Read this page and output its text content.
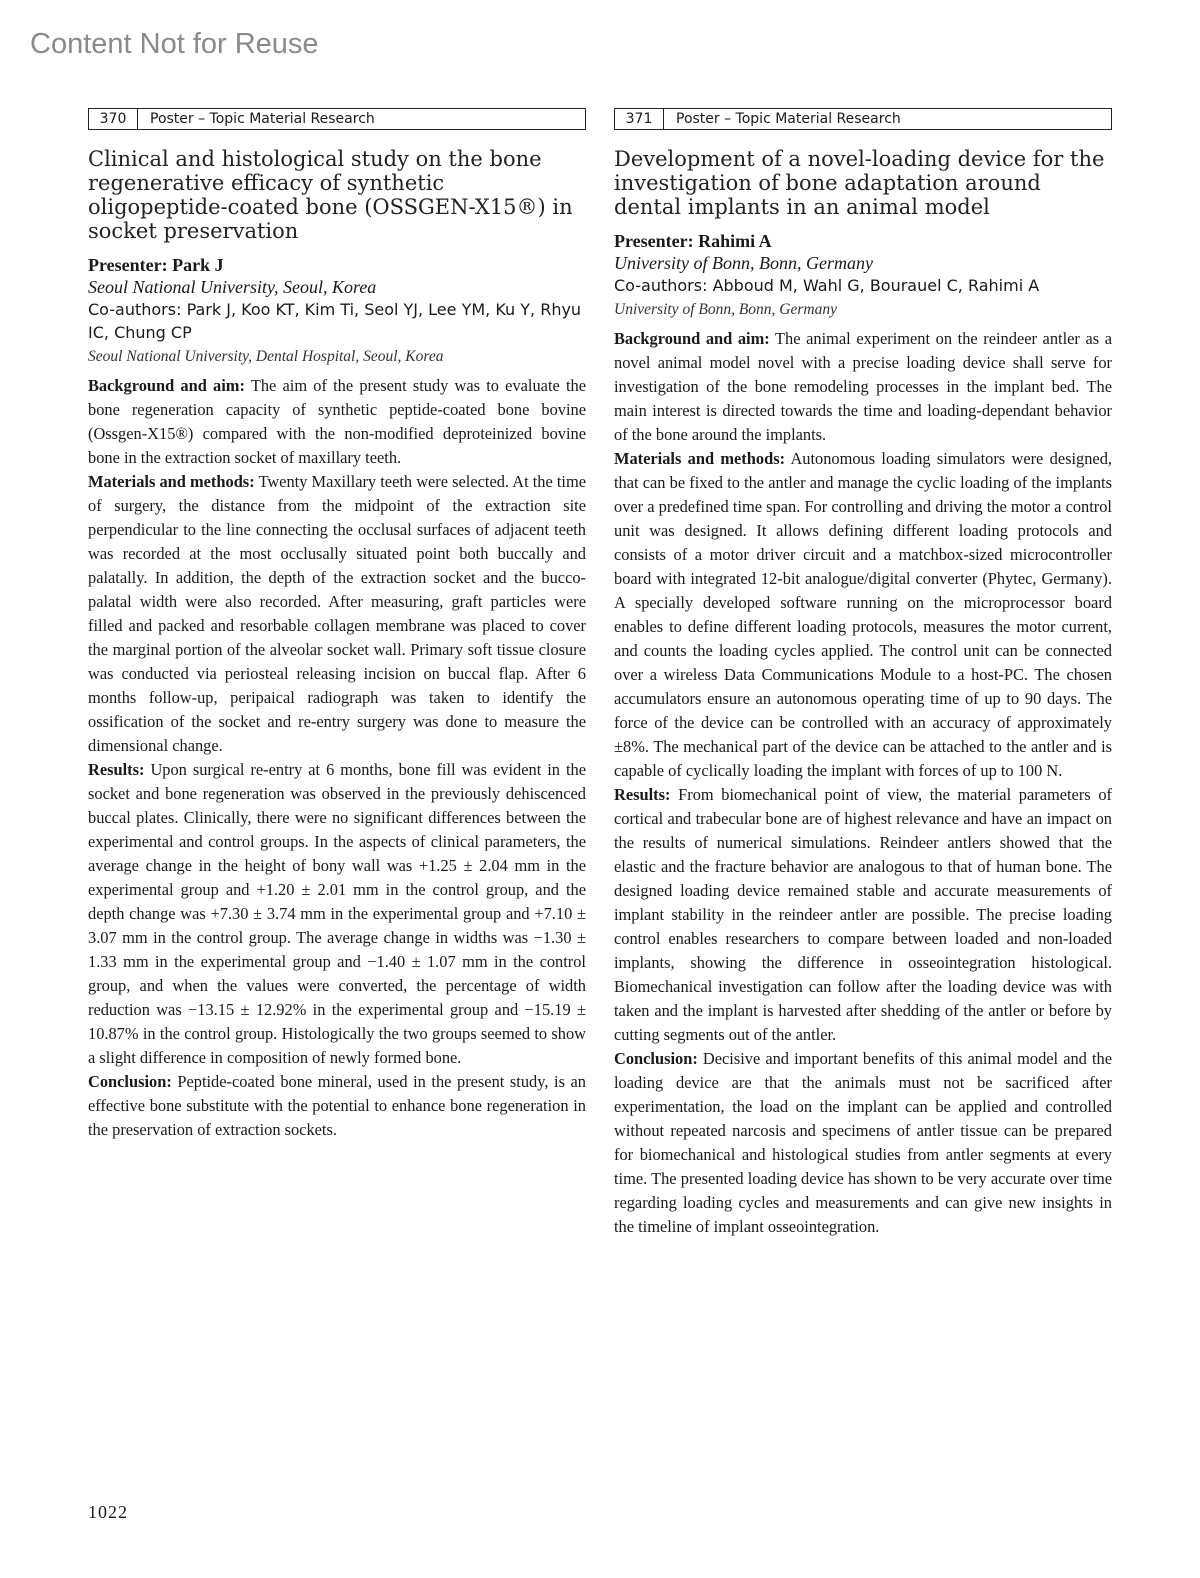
Content Not for Reuse
370	Poster – Topic Material Research
Clinical and histological study on the bone regenerative efficacy of synthetic oligopeptide-coated bone (OSSGEN-X15®) in socket preservation

Presenter: Park J

Seoul National University, Seoul, Korea

Co-authors: Park J, Koo KT, Kim Ti, Seol YJ, Lee YM, Ku Y, Rhyu IC, Chung CP

Seoul National University, Dental Hospital, Seoul, Korea

Background and aim: The aim of the present study was to evaluate the bone regeneration capacity of synthetic peptide-coated bone bovine (Ossgen-X15®) compared with the non-modified deproteinized bovine bone in the extraction socket of maxillary teeth.

Materials and methods: Twenty Maxillary teeth were selected. At the time of surgery, the distance from the midpoint of the extraction site perpendicular to the line connecting the occlusal surfaces of adjacent teeth was recorded at the most occlusally situated point both buccally and palatally. In addition, the depth of the extraction socket and the bucco-palatal width were also recorded. After measuring, graft particles were filled and packed and resorbable collagen membrane was placed to cover the marginal portion of the alveolar socket wall. Primary soft tissue closure was conducted via periosteal releasing incision on buccal flap. After 6 months follow-up, peripaical radiograph was taken to identify the ossification of the socket and re-entry surgery was done to measure the dimensional change.

Results: Upon surgical re-entry at 6 months, bone fill was evident in the socket and bone regeneration was observed in the previously dehiscenced buccal plates. Clinically, there were no significant differences between the experimental and control groups. In the aspects of clinical parameters, the average change in the height of bony wall was +1.25 ± 2.04 mm in the experimental group and +1.20 ± 2.01 mm in the control group, and the depth change was +7.30 ± 3.74 mm in the experimental group and +7.10 ± 3.07 mm in the control group. The average change in widths was −1.30 ± 1.33 mm in the experimental group and −1.40 ± 1.07 mm in the control group, and when the values were converted, the percentage of width reduction was −13.15 ± 12.92% in the experimental group and −15.19 ± 10.87% in the control group. Histologically the two groups seemed to show a slight difference in composition of newly formed bone.

Conclusion: Peptide-coated bone mineral, used in the present study, is an effective bone substitute with the potential to enhance bone regeneration in the preservation of extraction sockets.

371	Poster – Topic Material Research
Development of a novel-loading device for the investigation of bone adaptation around dental implants in an animal model

Presenter: Rahimi A

University of Bonn, Bonn, Germany

Co-authors: Abboud M, Wahl G, Bourauel C, Rahimi A

University of Bonn, Bonn, Germany

Background and aim: The animal experiment on the reindeer antler as a novel animal model novel with a precise loading device shall serve for investigation of the bone remodeling processes in the implant bed. The main interest is directed towards the time and loading-dependant behavior of the bone around the implants.

Materials and methods: Autonomous loading simulators were designed, that can be fixed to the antler and manage the cyclic loading of the implants over a predefined time span. For controlling and driving the motor a control unit was designed. It allows defining different loading protocols and consists of a motor driver circuit and a matchbox-sized microcontroller board with integrated 12-bit analogue/digital converter (Phytec, Germany). A specially developed software running on the microprocessor board enables to define different loading protocols, measures the motor current, and counts the loading cycles applied. The control unit can be connected over a wireless Data Communications Module to a host-PC. The chosen accumulators ensure an autonomous operating time of up to 90 days. The force of the device can be controlled with an accuracy of approximately ±8%. The mechanical part of the device can be attached to the antler and is capable of cyclically loading the implant with forces of up to 100 N.

Results: From biomechanical point of view, the material parameters of cortical and trabecular bone are of highest relevance and have an impact on the results of numerical simulations. Reindeer antlers showed that the elastic and the fracture behavior are analogous to that of human bone. The designed loading device remained stable and accurate measurements of implant stability in the reindeer antler are possible. The precise loading control enables researchers to compare between loaded and non-loaded implants, showing the difference in osseointegration histological. Biomechanical investigation can follow after the loading device was with taken and the implant is harvested after shedding of the antler or before by cutting segments out of the antler.

Conclusion: Decisive and important benefits of this animal model and the loading device are that the animals must not be sacrificed after experimentation, the load on the implant can be applied and controlled without repeated narcosis and specimens of antler tissue can be prepared for biomechanical and histological studies from antler segments at every time. The presented loading device has shown to be very accurate over time regarding loading cycles and measurements and can give new insights in the timeline of implant osseointegration.

1022
